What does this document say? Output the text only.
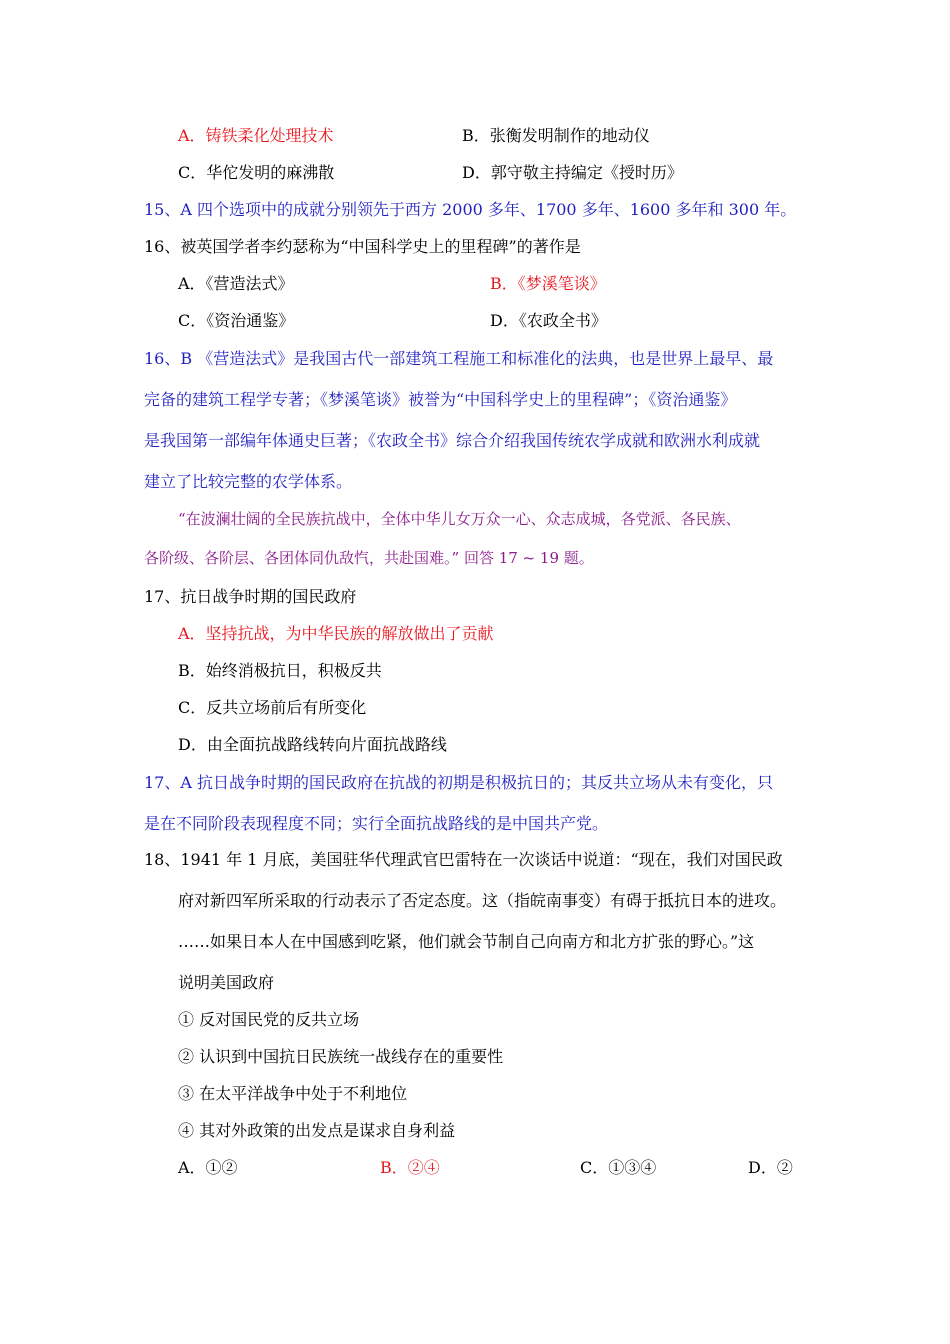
A．铸铁柔化处理技术	B．张衡发明制作的地动仪
C．华佗发明的麻沸散	D．郭守敬主持编定《授时历》
15、A 四个选项中的成就分别领先于西方 2000 多年、1700 多年、1600 多年和 300 年。
16、被英国学者李约瑟称为“中国科学史上的里程碑”的著作是
A．《营造法式》	B．《梦溪笔谈》
C．《资治通鉴》	D．《农政全书》
16、B 《营造法式》是我国古代一部建筑工程施工和标准化的法典，也是世界上最早、最
完备的建筑工程学专著；《梦溪笔谈》被誉为“中国科学史上的里程碑”；《资治通鉴》
是我国第一部编年体通史巨著；《农政全书》综合介绍我国传统农学成就和欧洲水利成就
建立了比较完整的农学体系。
“在波澜壮阔的全民族抗战中，全体中华儿女万众一心、众志成城，各党派、各民族、
各阶级、各阶层、各团体同仇敌忾，共赴国难。” 回答 17 ~ 19 题。
17、抗日战争时期的国民政府
A．坚持抗战，为中华民族的解放做出了贡献
B．始终消极抗日，积极反共
C．反共立场前后有所变化
D．由全面抗战路线转向片面抗战路线
17、A 抗日战争时期的国民政府在抗战的初期是积极抗日的；其反共立场从未有变化，只
是在不同阶段表现程度不同；实行全面抗战路线的是中国共产党。
18、1941 年 1 月底，美国驻华代理武官巴雷特在一次谈话中说道：“现在，我们对国民政
府对新四军所采取的行动表示了否定态度。这（指皖南事变）有碍于抵抗日本的进攻。
……如果日本人在中国感到吃紧，他们就会节制自己向南方和北方扩张的野心。”这
说明美国政府
① 反对国民党的反共立场
② 认识到中国抗日民族统一战线存在的重要性
③ 在太平洋战争中处于不利地位
④ 其对外政策的出发点是谋求自身利益
A．①②	B．②④	C．①③④	D．②
